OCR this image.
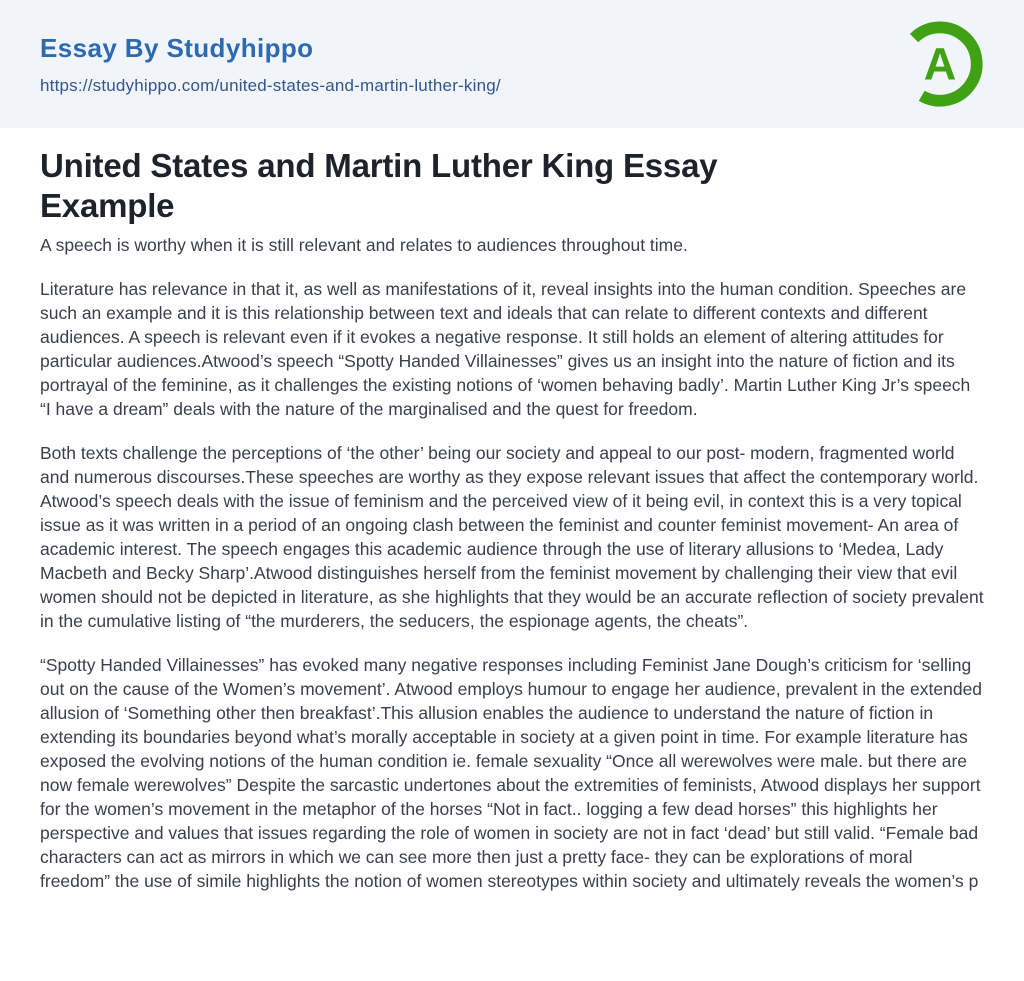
Essay By Studyhippo
https://studyhippo.com/united-states-and-martin-luther-king/	A
United States and Martin Luther King Essay
Example

A speech is worthy when it is still relevant and relates to audiences throughout time.

Literature has relevance in that it, as well as manifestations of it, reveal insights into the human condition. Speeches are such an example and it is this relationship between text and ideals that can relate to different contexts and different audiences. A speech is relevant even if it evokes a negative response. It still holds an element of altering attitudes for particular audiences.Atwood’s speech “Spotty Handed Villainesses” gives us an insight into the nature of fiction and its portrayal of the feminine, as it challenges the existing notions of ‘women behaving badly’. Martin Luther King Jr’s speech “I have a dream” deals with the nature of the marginalised and the quest for freedom.

Both texts challenge the perceptions of ‘the other’ being our society and appeal to our post- modern, fragmented world and numerous discourses.These speeches are worthy as they expose relevant issues that affect the contemporary world. Atwood’s speech deals with the issue of feminism and the perceived view of it being evil, in context this is a very topical issue as it was written in a period of an ongoing clash between the feminist and counter feminist movement- An area of academic interest. The speech engages this academic audience through the use of literary allusions to ‘Medea, Lady Macbeth and Becky Sharp’.Atwood distinguishes herself from the feminist movement by challenging their view that evil women should not be depicted in literature, as she highlights that they would be an accurate reflection of society prevalent in the cumulative listing of “the murderers, the seducers, the espionage agents, the cheats”.

“Spotty Handed Villainesses” has evoked many negative responses including Feminist Jane Dough’s criticism for ‘selling out on the cause of the Women’s movement’. Atwood employs humour to engage her audience, prevalent in the extended allusion of ‘Something other then breakfast’.This allusion enables the audience to understand the nature of fiction in extending its boundaries beyond what’s morally acceptable in society at a given point in time. For example literature has exposed the evolving notions of the human condition ie. female sexuality “Once all werewolves were male. but there are now female werewolves” Despite the sarcastic undertones about the extremities of feminists, Atwood displays her support for the women’s movement in the metaphor of the horses “Not in fact.. logging a few dead horses” this highlights her perspective and values that issues regarding the role of women in society are not in fact ‘dead’ but still valid. “Female bad characters can act as mirrors in which we can see more then just a pretty face- they can be explorations of moral freedom” the use of simile highlights the notion of women stereotypes within society and ultimately reveals the women’s p
